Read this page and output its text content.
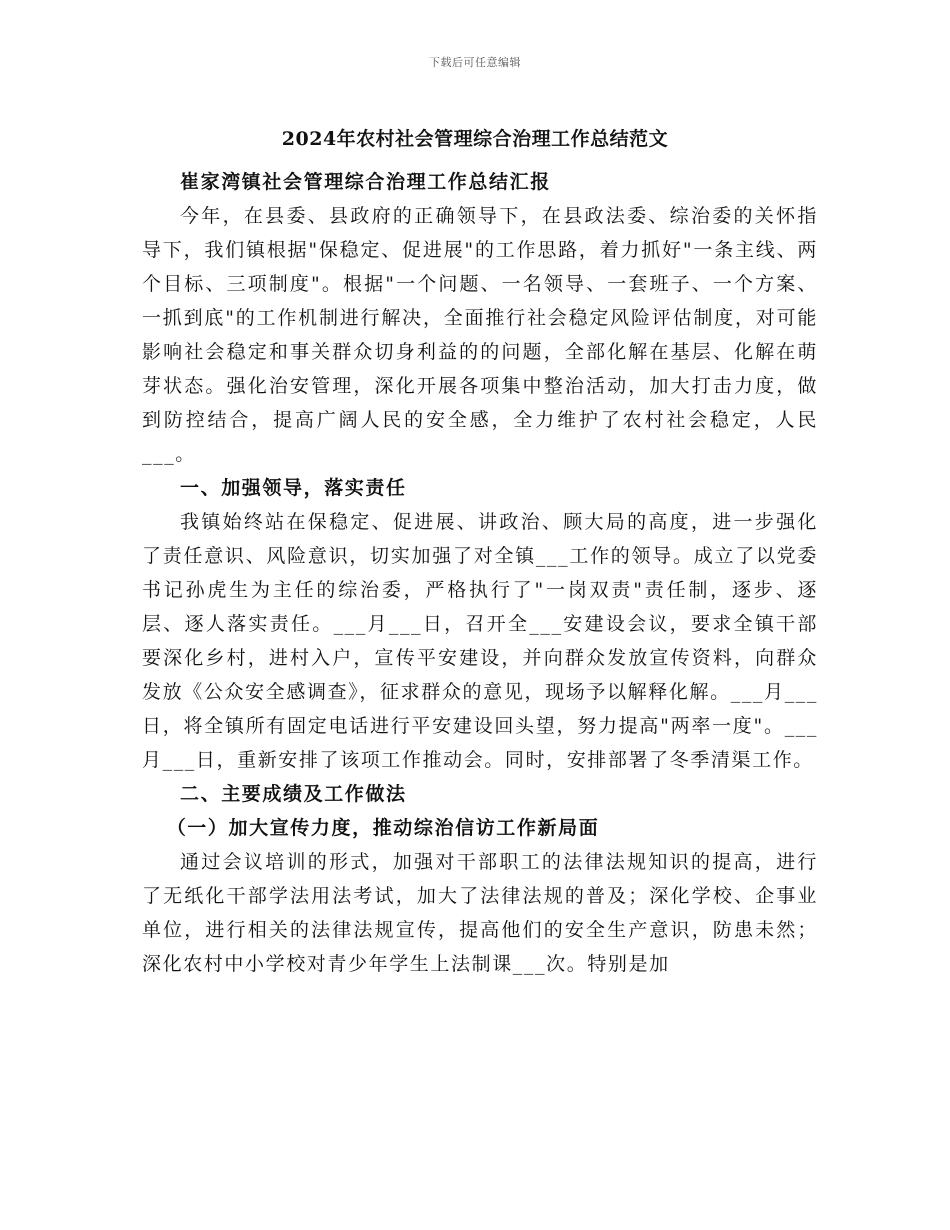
下载后可任意编辑
2024年农村社会管理综合治理工作总结范文

崔家湾镇社会管理综合治理工作总结汇报

今年，在县委、县政府的正确领导下，在县政法委、综治委的关怀指导下，我们镇根据"保稳定、促进展"的工作思路，着力抓好"一条主线、两个目标、三项制度"。根据"一个问题、一名领导、一套班子、一个方案、一抓到底"的工作机制进行解决，全面推行社会稳定风险评估制度，对可能影响社会稳定和事关群众切身利益的的问题，全部化解在基层、化解在萌芽状态。强化治安管理，深化开展各项集中整治活动，加大打击力度，做到防控结合，提高广阔人民的安全感，全力维护了农村社会稳定，人民___。

一、加强领导，落实责任

我镇始终站在保稳定、促进展、讲政治、顾大局的高度，进一步强化了责任意识、风险意识，切实加强了对全镇___工作的领导。成立了以党委书记孙虎生为主任的综治委，严格执行了"一岗双责"责任制，逐步、逐层、逐人落实责任。___月___日，召开全___安建设会议，要求全镇干部要深化乡村，进村入户，宣传平安建设，并向群众发放宣传资料，向群众发放《公众安全感调查》，征求群众的意见，现场予以解释化解。___月___日，将全镇所有固定电话进行平安建设回头望，努力提高"两率一度"。___月___日，重新安排了该项工作推动会。同时，安排部署了冬季清渠工作。

二、主要成绩及工作做法

（一）加大宣传力度，推动综治信访工作新局面

通过会议培训的形式，加强对干部职工的法律法规知识的提高，进行了无纸化干部学法用法考试，加大了法律法规的普及；深化学校、企事业单位，进行相关的法律法规宣传，提高他们的安全生产意识，防患未然；深化农村中小学校对青少年学生上法制课___次。特别是加
